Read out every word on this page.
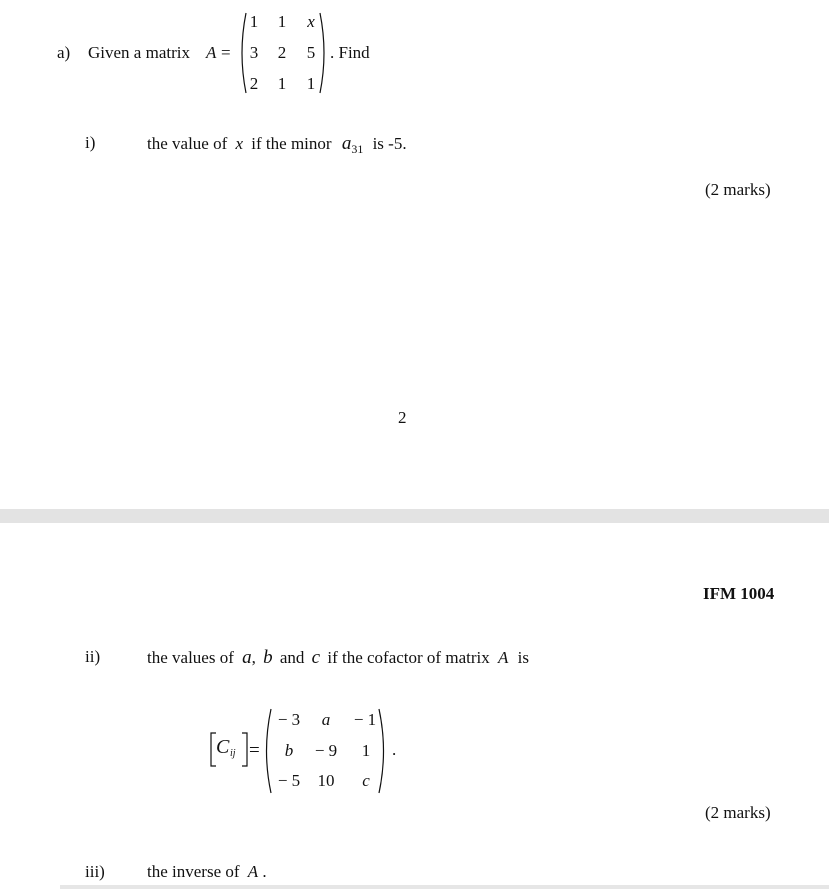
a) Given a matrix A =
1	1	x
3	2	5
2	1	1
. Find
i)	the value of x if the minor $a_{31}$ is -5.
(2 marks)
2
IFM 1004
ii)	the values of a, b and c if the cofactor of matrix A is
C ij =
− 3	a	− 1
b	− 9	1
− 5	10	c
.
(2 marks)
iii) the inverse of A .
